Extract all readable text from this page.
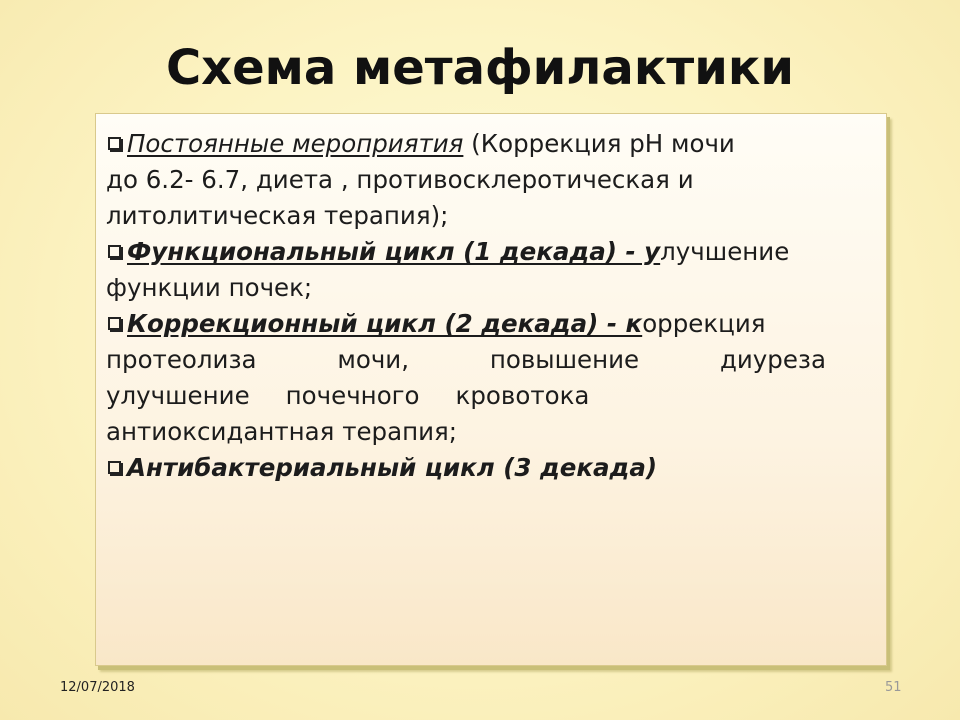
Схема метафилактики

Постоянные мероприятия (Коррекция pH мочи

до 6.2- 6.7, диета , противосклеротическая и

литолитическая терапия);

Функциональный цикл (1 декада) - улучшение

функции почек;

Коррекционный цикл (2 декада) - коррекция

протеолиза	мочи,	повышение	диуреза

улучшение почечного кровотока

антиоксидантная терапия;

Антибактериальный цикл (3 декада)

12/07/2018	51
